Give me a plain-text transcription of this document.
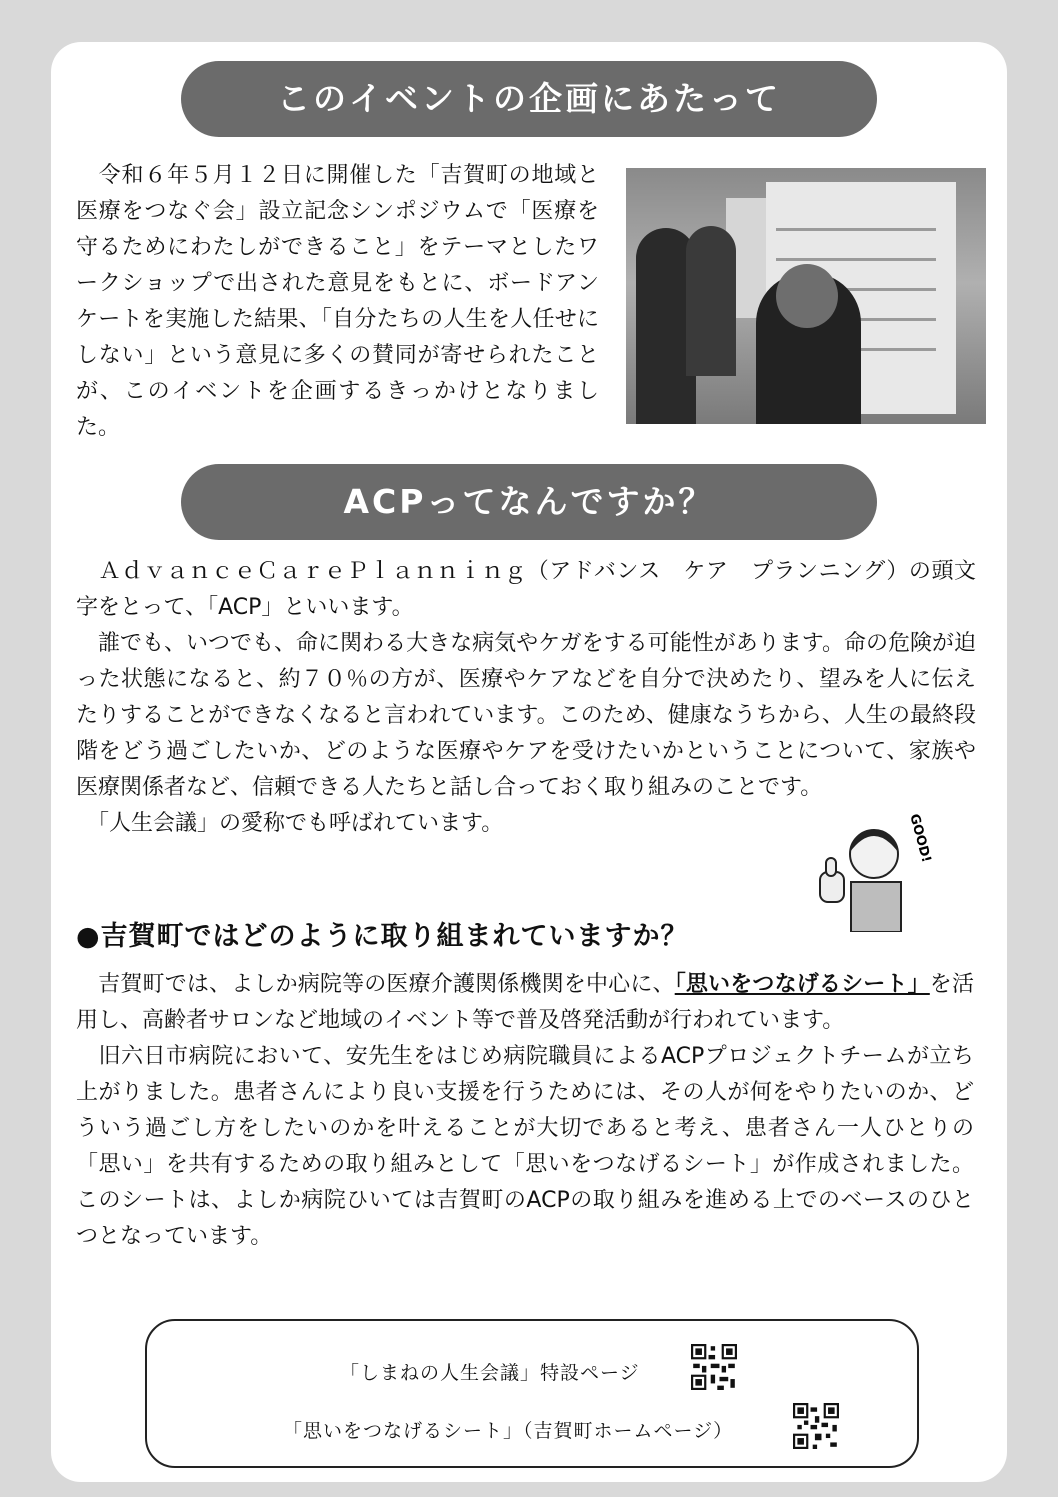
このイベントの企画にあたって

　令和６年５月１２日に開催した「吉賀町の地域と医療をつなぐ会」設立記念シンポジウムで「医療を守るためにわたしができること」をテーマとしたワークショップで出された意見をもとに、ボードアンケートを実施した結果、「自分たちの人生を人任せにしない」という意見に多くの賛同が寄せられたことが、このイベントを企画するきっかけとなりました。

ACPってなんですか？
　ＡｄｖａｎｃｅＣａｒｅＰｌａｎｎｉｎｇ（アドバンス　ケア　プランニング）の頭文字をとって、「ACP」といいます。
　誰でも、いつでも、命に関わる大きな病気やケガをする可能性があります。命の危険が迫った状態になると、約７０％の方が、医療やケアなどを自分で決めたり、望みを人に伝えたりすることができなくなると言われています。このため、健康なうちから、人生の最終段階をどう過ごしたいか、どのような医療やケアを受けたいかということについて、家族や医療関係者など、信頼できる人たちと話し合っておく取り組みのことです。
　「人生会議」の愛称でも呼ばれています。	GOOD!

●吉賀町ではどのように取り組まれていますか？

　吉賀町では、よしか病院等の医療介護関係機関を中心に、「思いをつなげるシート」を活用し、高齢者サロンなど地域のイベント等で普及啓発活動が行われています。
　旧六日市病院において、安先生をはじめ病院職員によるACPプロジェクトチームが立ち上がりました。患者さんにより良い支援を行うためには、その人が何をやりたいのか、どういう過ごし方をしたいのかを叶えることが大切であると考え、患者さん一人ひとりの「思い」を共有するための取り組みとして「思いをつなげるシート」が作成されました。このシートは、よしか病院ひいては吉賀町のACPの取り組みを進める上でのベースのひとつとなっています。

「しまねの人生会議」特設ページ

「思いをつなげるシート」（吉賀町ホームページ）
